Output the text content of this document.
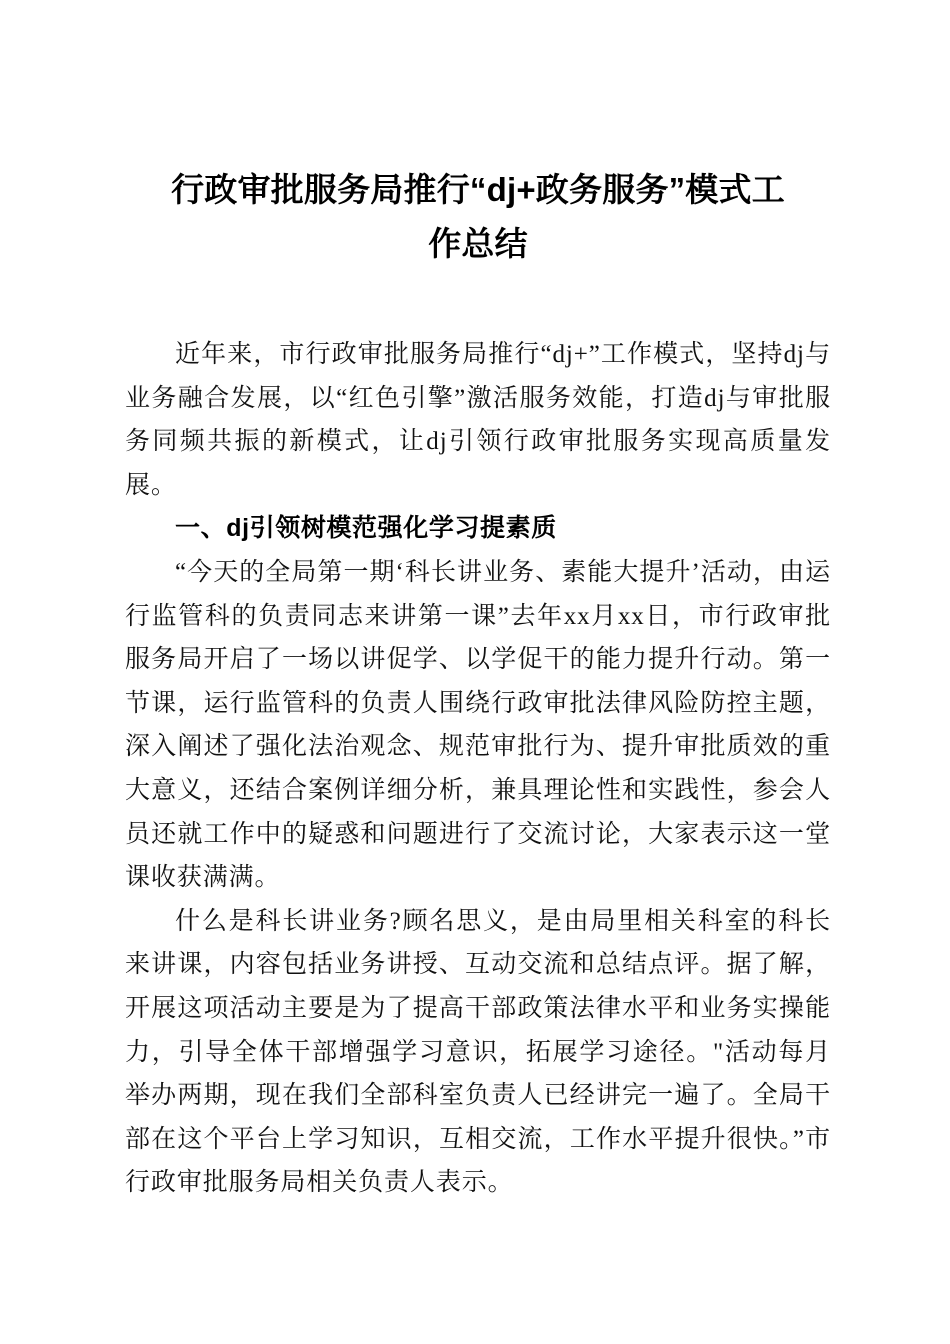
行政审批服务局推行“dj+政务服务”模式工
作总结

近年来，市行政审批服务局推行“dj+”工作模式，坚持dj与业务融合发展，以“红色引擎”激活服务效能，打造dj与审批服务同频共振的新模式，让dj引领行政审批服务实现高质量发展。

一、dj引领树模范强化学习提素质

“今天的全局第一期‘科长讲业务、素能大提升’活动，由运行监管科的负责同志来讲第一课”去年xx月xx日，市行政审批服务局开启了一场以讲促学、以学促干的能力提升行动。第一节课，运行监管科的负责人围绕行政审批法律风险防控主题，深入阐述了强化法治观念、规范审批行为、提升审批质效的重大意义，还结合案例详细分析，兼具理论性和实践性，参会人员还就工作中的疑惑和问题进行了交流讨论，大家表示这一堂课收获满满。

什么是科长讲业务?顾名思义，是由局里相关科室的科长来讲课，内容包括业务讲授、互动交流和总结点评。据了解，开展这项活动主要是为了提高干部政策法律水平和业务实操能力，引导全体干部增强学习意识，拓展学习途径。"活动每月举办两期，现在我们全部科室负责人已经讲完一遍了。全局干部在这个平台上学习知识，互相交流，工作水平提升很快。”市行政审批服务局相关负责人表示。
